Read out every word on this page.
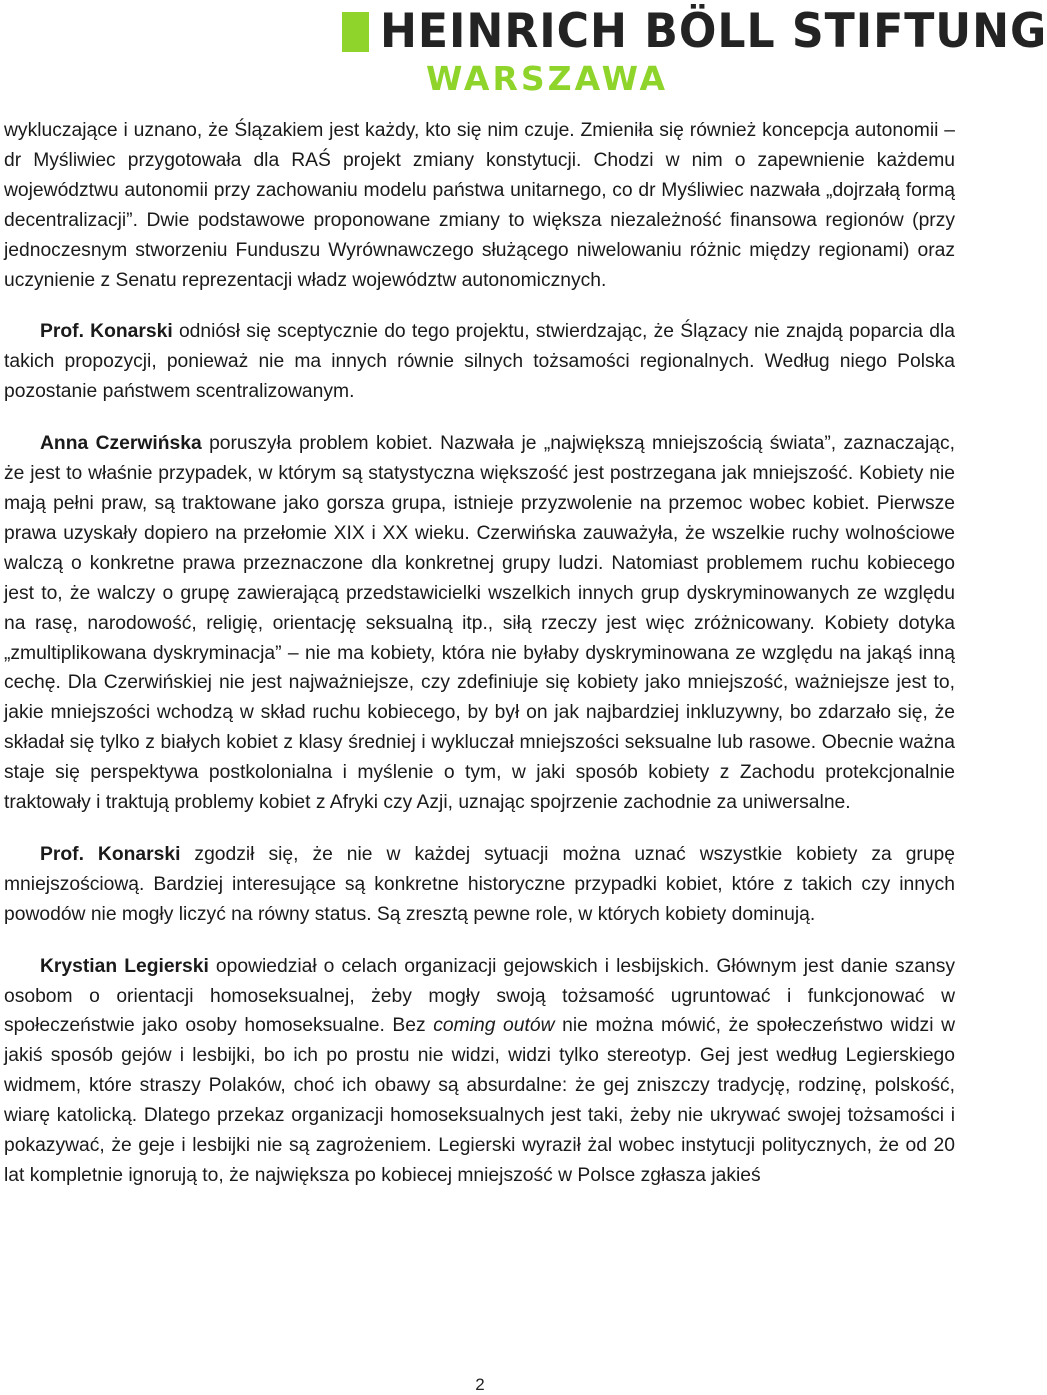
HEINRICH BÖLL STIFTUNG
WARSZAWA

wykluczające i uznano, że Ślązakiem jest każdy, kto się nim czuje. Zmieniła się również koncepcja autonomii – dr Myśliwiec przygotowała dla RAŚ projekt zmiany konstytucji. Chodzi w nim o zapewnienie każdemu województwu autonomii przy zachowaniu modelu państwa unitarnego, co dr Myśliwiec nazwała „dojrzałą formą decentralizacji”. Dwie podstawowe proponowane zmiany to większa niezależność finansowa regionów (przy jednoczesnym stworzeniu Funduszu Wyrównawczego służącego niwelowaniu różnic między regionami) oraz uczynienie z Senatu reprezentacji władz województw autonomicznych.

Prof. Konarski odniósł się sceptycznie do tego projektu, stwierdzając, że Ślązacy nie znajdą poparcia dla takich propozycji, ponieważ nie ma innych równie silnych tożsamości regionalnych. Według niego Polska pozostanie państwem scentralizowanym.

Anna Czerwińska poruszyła problem kobiet. Nazwała je „największą mniejszością świata”, zaznaczając, że jest to właśnie przypadek, w którym są statystyczna większość jest postrzegana jak mniejszość. Kobiety nie mają pełni praw, są traktowane jako gorsza grupa, istnieje przyzwolenie na przemoc wobec kobiet. Pierwsze prawa uzyskały dopiero na przełomie XIX i XX wieku. Czerwińska zauważyła, że wszelkie ruchy wolnościowe walczą o konkretne prawa przeznaczone dla konkretnej grupy ludzi. Natomiast problemem ruchu kobiecego jest to, że walczy o grupę zawierającą przedstawicielki wszelkich innych grup dyskryminowanych ze względu na rasę, narodowość, religię, orientację seksualną itp., siłą rzeczy jest więc zróżnicowany. Kobiety dotyka „zmultiplikowana dyskryminacja” – nie ma kobiety, która nie byłaby dyskryminowana ze względu na jakąś inną cechę. Dla Czerwińskiej nie jest najważniejsze, czy zdefiniuje się kobiety jako mniejszość, ważniejsze jest to, jakie mniejszości wchodzą w skład ruchu kobiecego, by był on jak najbardziej inkluzywny, bo zdarzało się, że składał się tylko z białych kobiet z klasy średniej i wykluczał mniejszości seksualne lub rasowe. Obecnie ważna staje się perspektywa postkolonialna i myślenie o tym, w jaki sposób kobiety z Zachodu protekcjonalnie traktowały i traktują problemy kobiet z Afryki czy Azji, uznając spojrzenie zachodnie za uniwersalne.

Prof. Konarski zgodził się, że nie w każdej sytuacji można uznać wszystkie kobiety za grupę mniejszościową. Bardziej interesujące są konkretne historyczne przypadki kobiet, które z takich czy innych powodów nie mogły liczyć na równy status. Są zresztą pewne role, w których kobiety dominują.

Krystian Legierski opowiedział o celach organizacji gejowskich i lesbijskich. Głównym jest danie szansy osobom o orientacji homoseksualnej, żeby mogły swoją tożsamość ugruntować i funkcjonować w społeczeństwie jako osoby homoseksualne. Bez coming outów nie można mówić, że społeczeństwo widzi w jakiś sposób gejów i lesbijki, bo ich po prostu nie widzi, widzi tylko stereotyp. Gej jest według Legierskiego widmem, które straszy Polaków, choć ich obawy są absurdalne: że gej zniszczy tradycję, rodzinę, polskość, wiarę katolicką. Dlatego przekaz organizacji homoseksualnych jest taki, żeby nie ukrywać swojej tożsamości i pokazywać, że geje i lesbijki nie są zagrożeniem. Legierski wyraził żal wobec instytucji politycznych, że od 20 lat kompletnie ignorują to, że największa po kobiecej mniejszość w Polsce zgłasza jakieś

2
